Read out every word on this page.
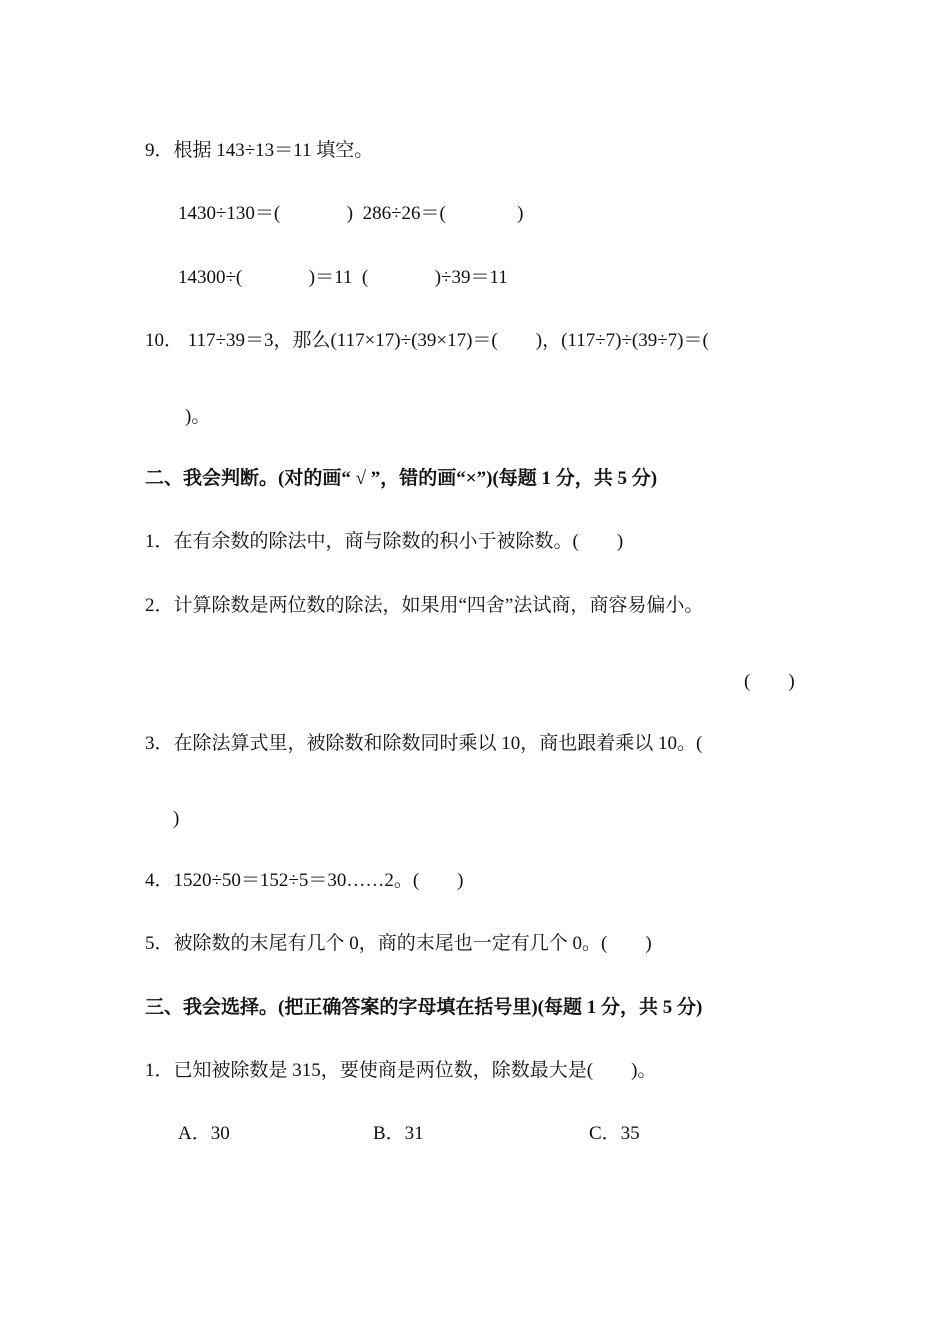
9．根据 143÷13＝11 填空。
1430÷130＝(              )  286÷26＝(               )
14300÷(              )＝11  (              )÷39＝11
10． 117÷39＝3，那么(117×17)÷(39×17)＝(        )，(117÷7)÷(39÷7)＝(
)。
二、我会判断。(对的画“ √ ”，错的画“×”)(每题 1 分，共 5 分)
1．在有余数的除法中，商与除数的积小于被除数。(        )
2．计算除数是两位数的除法，如果用“四舍”法试商，商容易偏小。
(        )
3．在除法算式里，被除数和除数同时乘以 10，商也跟着乘以 10。(
)
4．1520÷50＝152÷5＝30……2。(        )
5．被除数的末尾有几个 0，商的末尾也一定有几个 0。(        )
三、我会选择。(把正确答案的字母填在括号里)(每题 1 分，共 5 分)
1．已知被除数是 315，要使商是两位数，除数最大是(        )。
A．30	B．31	C．35
